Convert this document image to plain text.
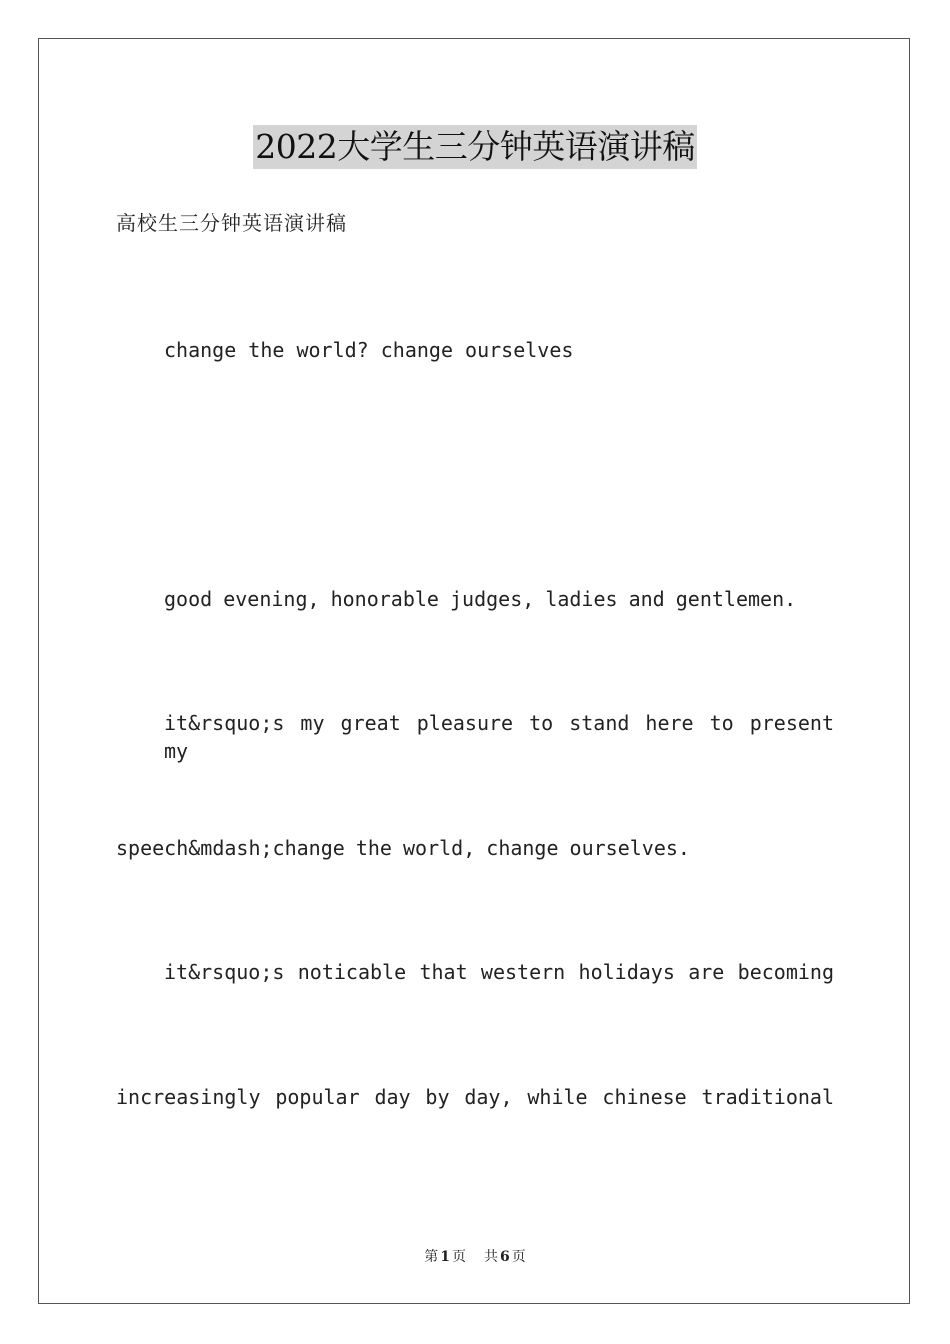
2022大学生三分钟英语演讲稿
高校生三分钟英语演讲稿
change the world? change ourselves
good evening, honorable judges, ladies and gentlemen.
it&rsquo;s my great pleasure to stand here to present my
speech&mdash;change the world, change ourselves.
it&rsquo;s noticable that western holidays are becoming
increasingly popular day by day, while chinese traditional
第 1 页 共 6 页
